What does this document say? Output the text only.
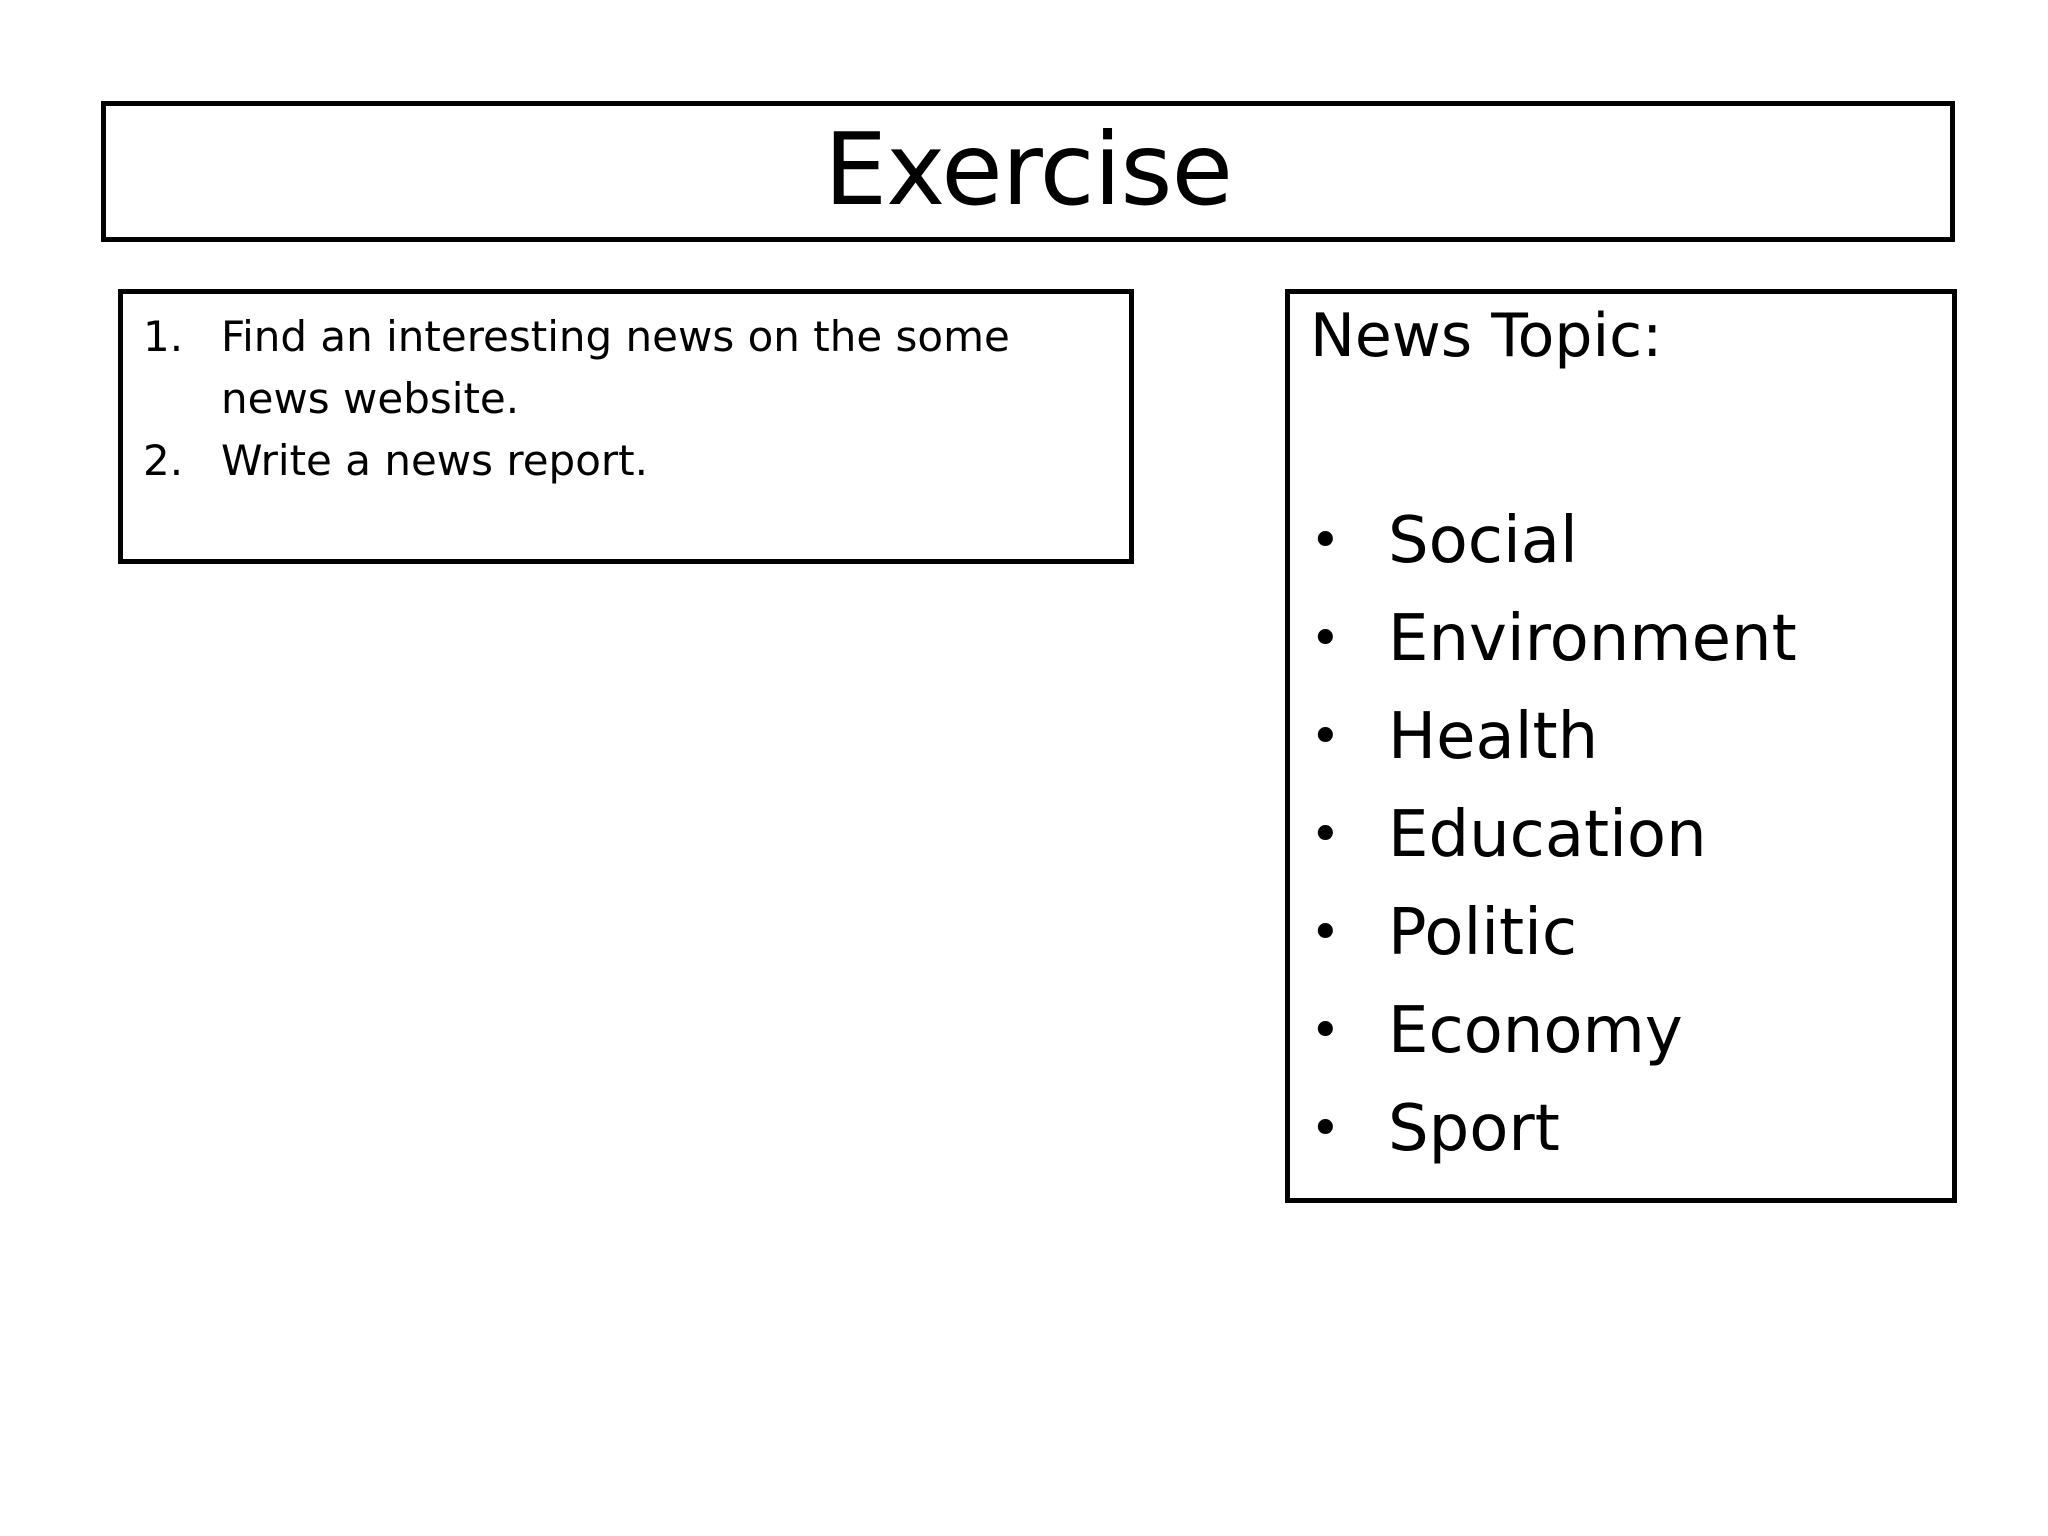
Exercise
1. Find an interesting news on the some news website.
2. Write a news report.

News Topic:

• Social
• Environment
• Health
• Education
• Politic
• Economy
• Sport
